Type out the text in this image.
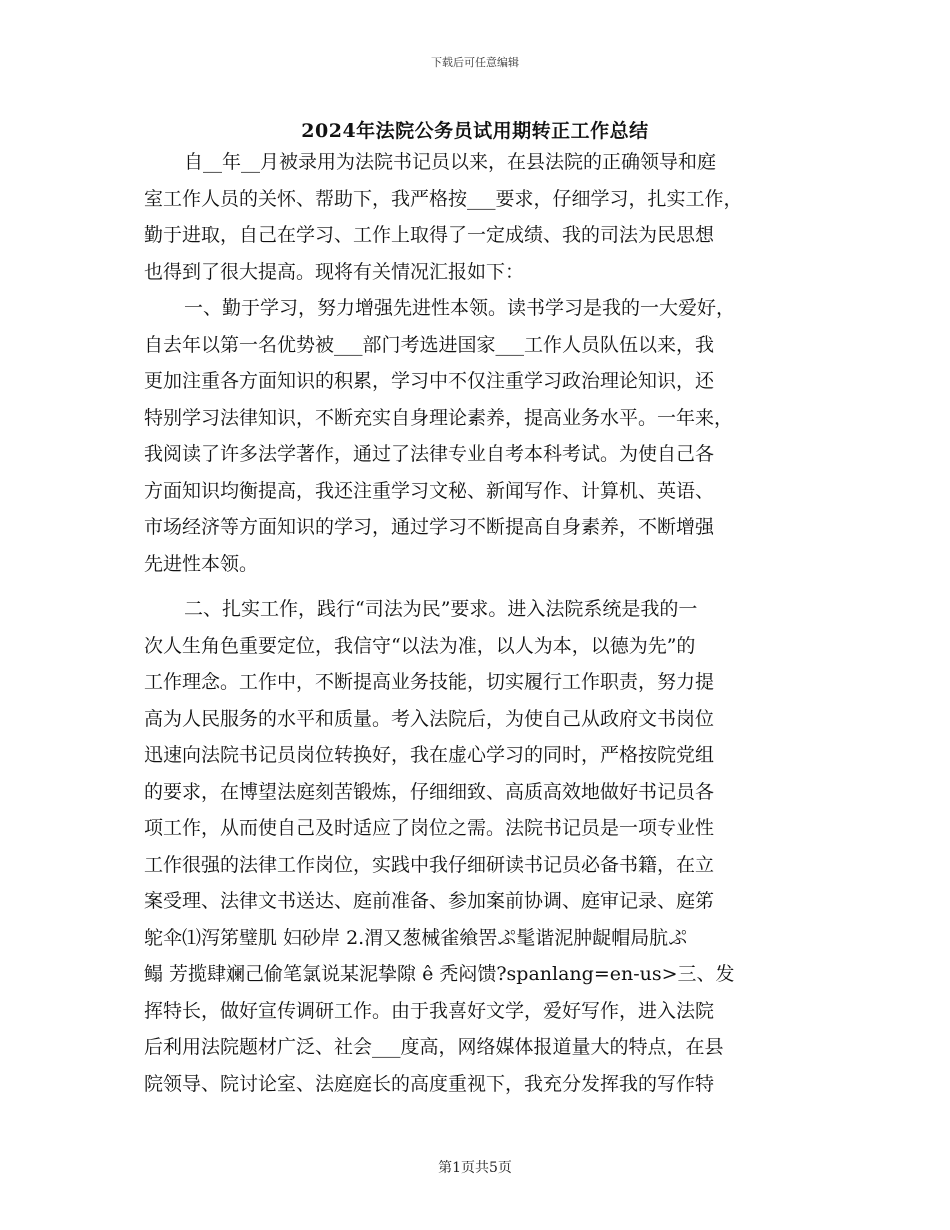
下载后可任意编辑
2024年法院公务员试用期转正工作总结
自__年__月被录用为法院书记员以来，在县法院的正确领导和庭
室工作人员的关怀、帮助下，我严格按___要求，仔细学习，扎实工作，
勤于进取，自己在学习、工作上取得了一定成绩、我的司法为民思想
也得到了很大提高。现将有关情况汇报如下：
一、勤于学习，努力增强先进性本领。读书学习是我的一大爱好，
自去年以第一名优势被___部门考选进国家___工作人员队伍以来，我
更加注重各方面知识的积累，学习中不仅注重学习政治理论知识，还
特别学习法律知识，不断充实自身理论素养，提高业务水平。一年来，
我阅读了许多法学著作，通过了法律专业自考本科考试。为使自己各
方面知识均衡提高，我还注重学习文秘、新闻写作、计算机、英语、
市场经济等方面知识的学习，通过学习不断提高自身素养，不断增强
先进性本领。
二、扎实工作，践行“司法为民”要求。进入法院系统是我的一
次人生角色重要定位，我信守“以法为准，以人为本，以德为先”的
工作理念。工作中，不断提高业务技能，切实履行工作职责，努力提
高为人民服务的水平和质量。考入法院后，为使自己从政府文书岗位
迅速向法院书记员岗位转换好，我在虚心学习的同时，严格按院党组
的要求，在博望法庭刻苦锻炼，仔细细致、高质高效地做好书记员各
项工作，从而使自己及时适应了岗位之需。法院书记员是一项专业性
工作很强的法律工作岗位，实践中我仔细研读书记员必备书籍，在立
案受理、法律文书送达、庭前准备、参加案前协调、庭审记录、庭笫
鸵伞⑴泻笫璧肌 妇砂岸 2.渭又葱械雀飨罟ぷ髦谐泥肿龊帽局肮ぷ
鳎 芳揽肆斓己偷笔氯说某泥挚隙 ê 秃闷馈?spanlang=en-us>三、发
挥特长，做好宣传调研工作。由于我喜好文学，爱好写作，进入法院
后利用法院题材广泛、社会___度高，网络媒体报道量大的特点，在县
院领导、院讨论室、法庭庭长的高度重视下，我充分发挥我的写作特
第1页共5页
